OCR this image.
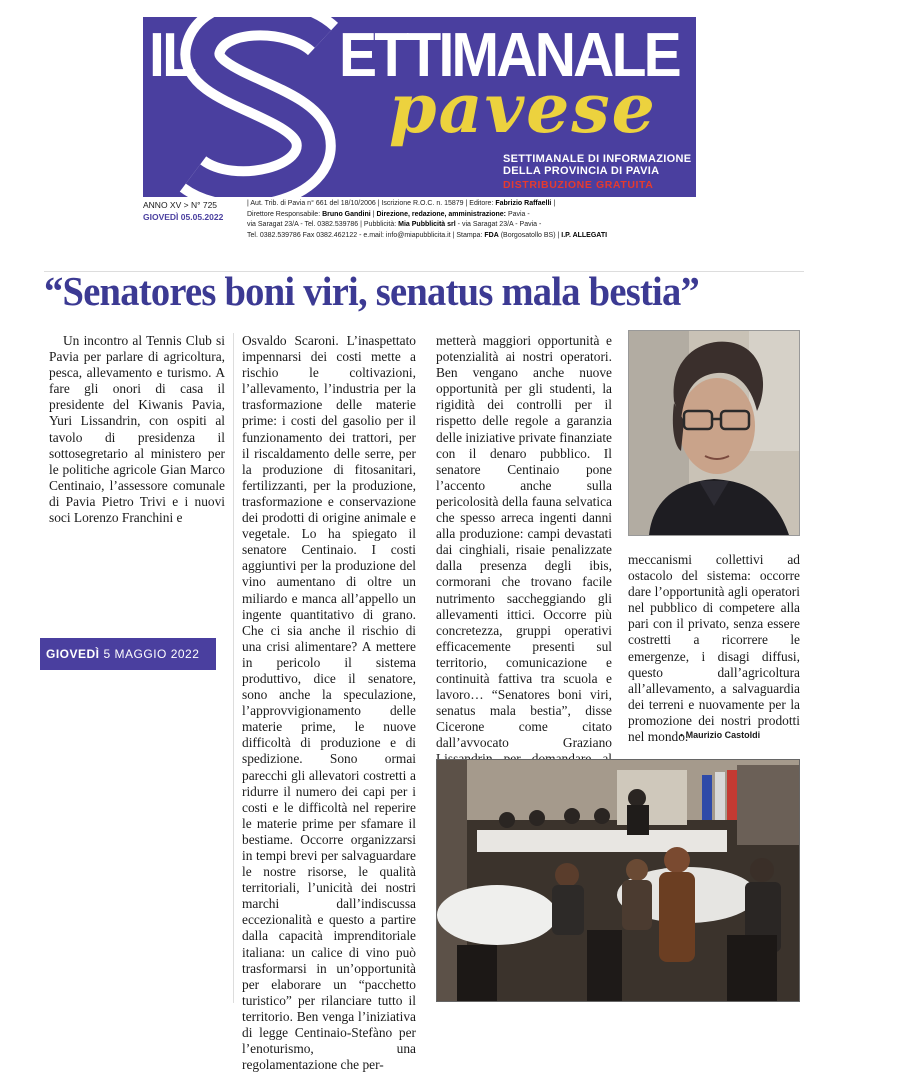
IL ETTIMANALE
pavese
SETTIMANALE DI INFORMAZIONE
DELLA PROVINCIA DI PAVIA
DISTRIBUZIONE GRATUITA
ANNO XV > N° 725
GIOVEDÌ 05.05.2022
| Aut. Trib. di Pavia n° 661 del 18/10/2006 | Iscrizione R.O.C. n. 15879 | Editore: Fabrizio Raffaelli |
Direttore Responsabile: Bruno Gandini | Direzione, redazione, amministrazione: Pavia -
via Saragat 23/A - Tel. 0382.539786 | Pubblicità: Mia Pubblicità srl - via Saragat 23/A - Pavia -
Tel. 0382.539786 Fax 0382.462122 - e.mail: info@miapubblicita.it | Stampa: FDA (Borgosatollo BS) | I.P. ALLEGATI
“Senatores boni viri, senatus mala bestia”

Un incontro al Tennis Club si Pavia per parlare di agricoltura, pesca, allevamento e turismo. A fare gli onori di casa il presidente del Kiwanis Pavia, Yuri Lissandrin, con ospiti al tavolo di presidenza il sottosegretario al ministero per le politiche agricole Gian Marco Centinaio, l’assessore comunale di Pavia Pietro Trivi e i nuovi soci Lorenzo Franchini e

GIOVEDÌ 5 MAGGIO 2022

Osvaldo Scaroni. L’inaspettato impennarsi dei costi mette a rischio le coltivazioni, l’allevamento, l’industria per la trasformazione delle materie prime: i costi del gasolio per il funzionamento dei trattori, per il riscaldamento delle serre, per la produzione di fitosanitari, fertilizzanti, per la produzione, trasformazione e conservazione dei prodotti di origine animale e vegetale. Lo ha spiegato il senatore Centinaio. I costi aggiuntivi per la produzione del vino aumentano di oltre un miliardo e manca all’appello un ingente quantitativo di grano. Che ci sia anche il rischio di una crisi alimentare? A mettere in pericolo il sistema produttivo, dice il senatore, sono anche la speculazione, l’approvvigionamento delle materie prime, le nuove difficoltà di produzione e di spedizione. Sono ormai parecchi gli allevatori costretti a ridurre il numero dei capi per i costi e le difficoltà nel reperire le materie prime per sfamare il bestiame. Occorre organizzarsi in tempi brevi per salvaguardare le nostre risorse, le qualità territoriali, l’unicità dei nostri marchi dall’indiscussa eccezionalità e questo a partire dalla capacità imprenditoriale italiana: un calice di vino può trasformarsi in un’opportunità per elaborare un “pacchetto turistico” per rilanciare tutto il territorio. Ben venga l’iniziativa di legge Centinaio-Stefàno per l’enoturismo, una regolamentazione che per-

metterà maggiori opportunità e potenzialità ai nostri operatori. Ben vengano anche nuove opportunità per gli studenti, la rigidità dei controlli per il rispetto delle regole a garanzia delle iniziative private finanziate con il denaro pubblico. Il senatore Centinaio pone l’accento anche sulla pericolosità della fauna selvatica che spesso arreca ingenti danni alla produzione: campi devastati dai cinghiali, risaie penalizzate dalla presenza degli ibis, cormorani che trovano facile nutrimento saccheggiando gli allevamenti ittici. Occorre più concretezza, gruppi operativi efficacemente presenti sul territorio, comunicazione e continuità fattiva tra scuola e lavoro… “Senatores boni viri, senatus mala bestia”, disse Cicerone come citato dall’avvocato Graziano

meccanismi collettivi ad ostacolo del sistema: occorre dare l’opportunità agli operatori nel pubblico di competere alla pari con il privato, senza essere costretti a ricorrere le emergenze, i disagi diffusi, questo dall’agricoltura all’allevamento, a salvaguardia dei terreni e nuovamente per la promozione dei nostri prodotti nel mondo.

• Maurizio Castoldi
